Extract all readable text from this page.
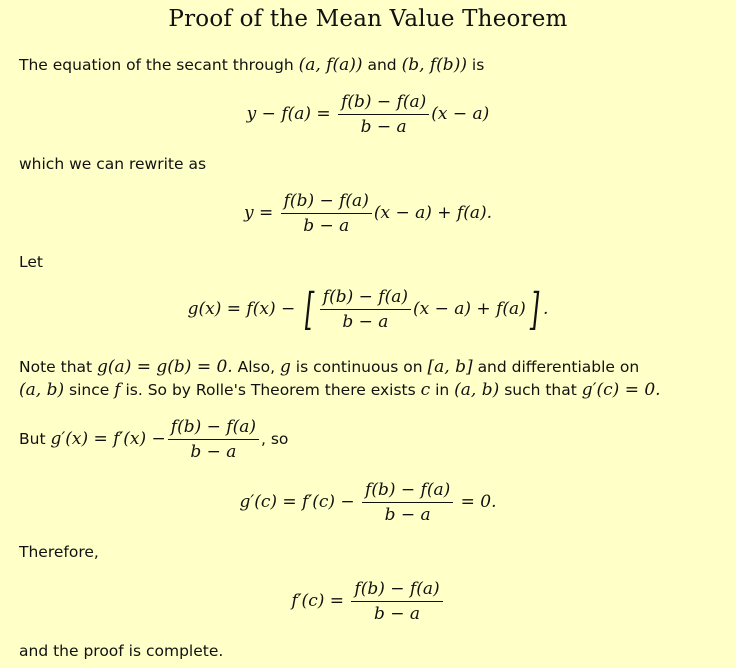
Proof of the Mean Value Theorem
The equation of the secant through (a, f(a)) and (b, f(b)) is
$y - f(a) = \frac{f(b) - f(a)}{b - a} (x - a)$
which we can rewrite as
$y = \frac{f(b) - f(a)}{b - a} (x - a) + f(a)$.
Let
g(x) = f(x) − [ $\frac{f(b) - f(a)}{b - a} (x - a) + f(a)$] .
Note that g(a) = g(b) = 0. Also, g is continuous on [a, b] and differentiable on
(a, b) since f is. So by Rolle's Theorem there exists c in (a, b) such that g′(c) = 0.
But $g'(x) = f'(x) - \frac{f(b) - f(a)}{b - a}$ , so
$g'(c) = f'(c) - \frac{f(b) - f(a)}{b - a} = 0$.
Therefore,
$f'(c) = \frac{f(b) - f(a)}{b - a}$
and the proof is complete.
